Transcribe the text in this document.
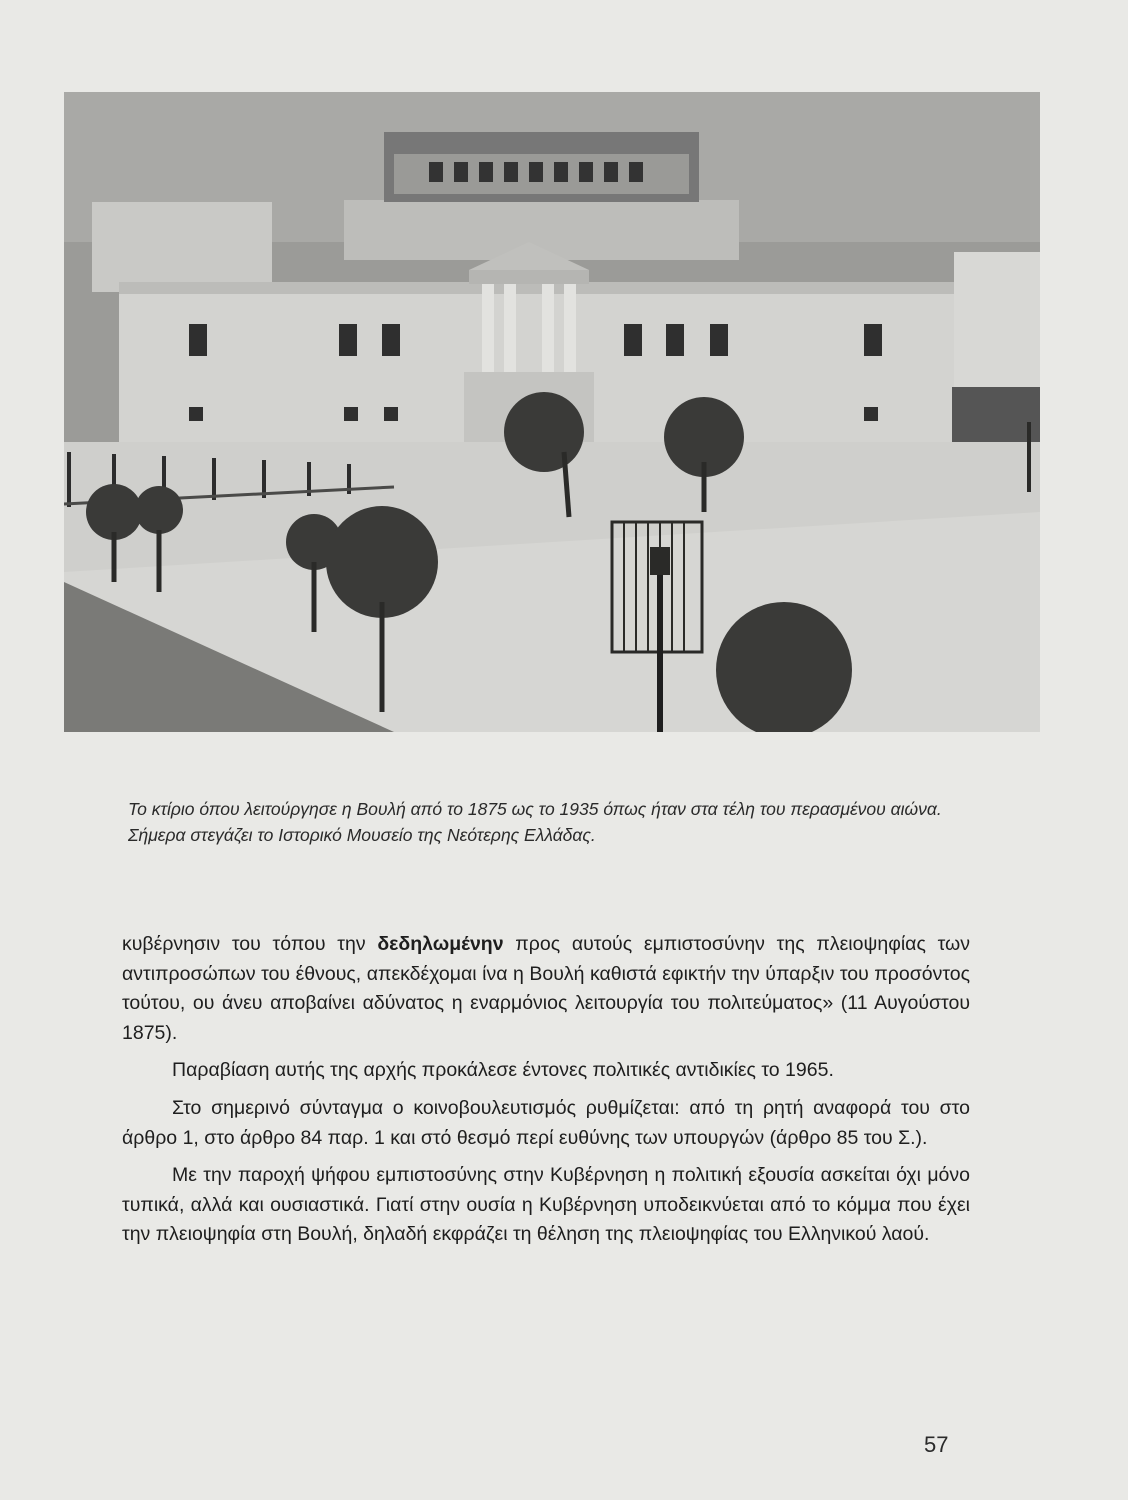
Το κτίριο όπου λειτούργησε η Βουλή από το 1875 ως το 1935 όπως ήταν στα τέλη του περασμένου αιώνα. Σήμερα στεγάζει το Ιστορικό Μουσείο της Νεότερης Ελλάδας.

κυβέρνησιν του τόπου την δεδηλωμένην προς αυτούς εμπιστοσύνην της πλειοψηφίας των αντιπροσώπων του έθνους, απεκδέχομαι ίνα η Βουλή καθιστά εφικτήν την ύπαρξιν του προσόντος τούτου, ου άνευ αποβαίνει αδύνατος η εναρμόνιος λειτουργία του πολιτεύματος» (11 Αυγούστου 1875).

Παραβίαση αυτής της αρχής προκάλεσε έντονες πολιτικές αντιδικίες το 1965.

Στο σημερινό σύνταγμα ο κοινοβουλευτισμός ρυθμίζεται: από τη ρητή αναφορά του στο άρθρο 1, στο άρθρο 84 παρ. 1 και στό θεσμό περί ευθύνης των υπουργών (άρθρο 85 του Σ.).

Με την παροχή ψήφου εμπιστοσύνης στην Κυβέρνηση η πολιτική εξουσία ασκείται όχι μόνο τυπικά, αλλά και ουσιαστικά. Γιατί στην ουσία η Κυβέρνηση υποδεικνύεται από το κόμμα που έχει την πλειοψηφία στη Βουλή, δηλαδή εκφράζει τη θέληση της πλειοψηφίας του Ελληνικού λαού.

57
